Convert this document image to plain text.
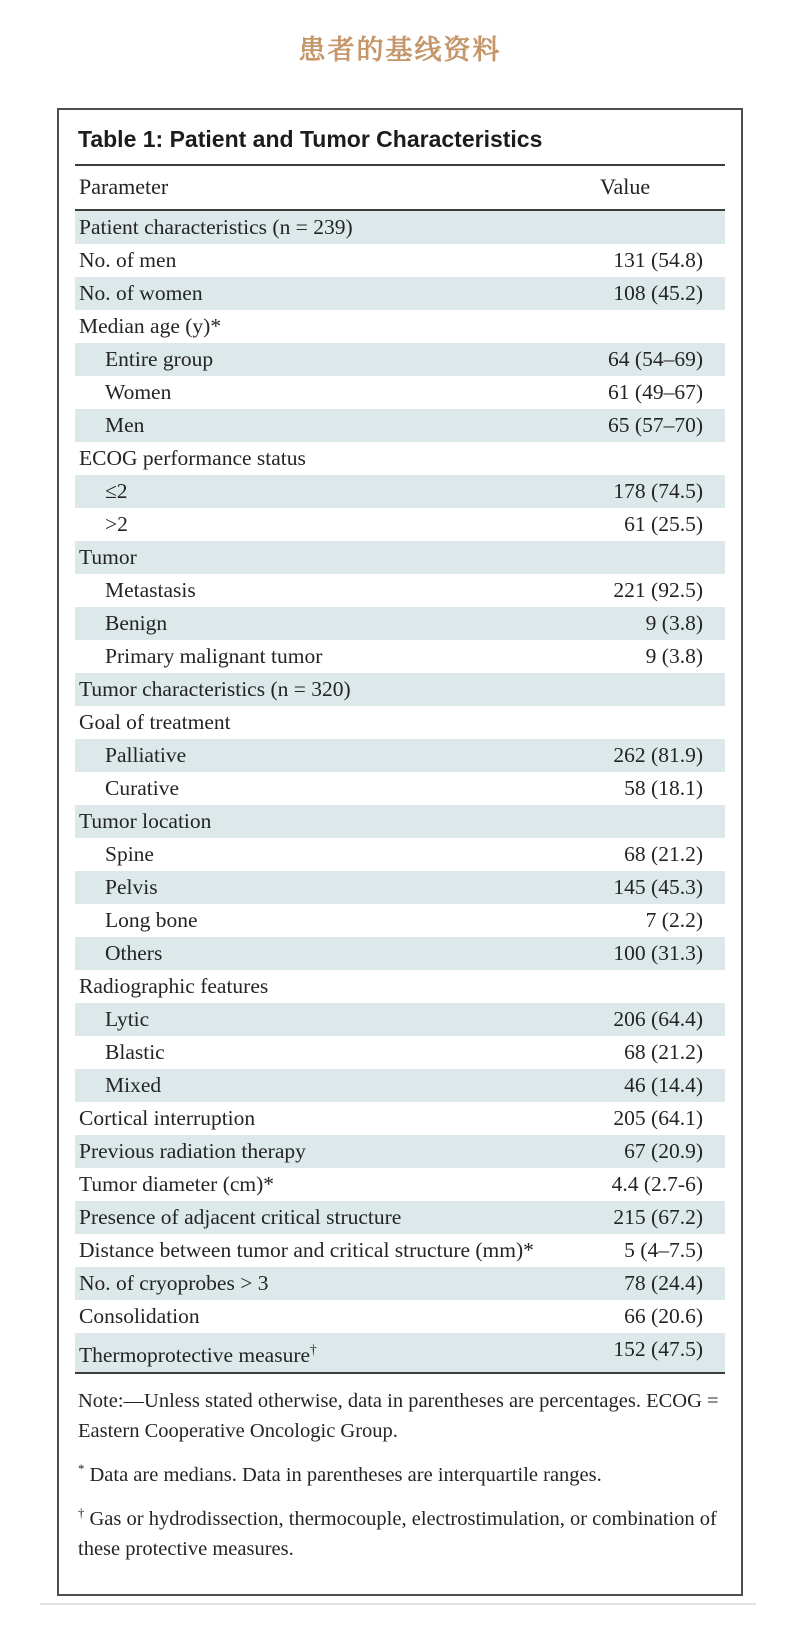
患者的基线资料
Table 1: Patient and Tumor Characteristics
Parameter	Value
Patient characteristics (n = 239)
No. of men	131 (54.8)
No. of women	108 (45.2)
Median age (y)*
Entire group	64 (54–69)
Women	61 (49–67)
Men	65 (57–70)
ECOG performance status
≤2	178 (74.5)
>2	61 (25.5)
Tumor
Metastasis	221 (92.5)
Benign	9 (3.8)
Primary malignant tumor	9 (3.8)
Tumor characteristics (n = 320)
Goal of treatment
Palliative	262 (81.9)
Curative	58 (18.1)
Tumor location
Spine	68 (21.2)
Pelvis	145 (45.3)
Long bone	7 (2.2)
Others	100 (31.3)
Radiographic features
Lytic	206 (64.4)
Blastic	68 (21.2)
Mixed	46 (14.4)
Cortical interruption	205 (64.1)
Previous radiation therapy	67 (20.9)
Tumor diameter (cm)*	4.4 (2.7-6)
Presence of adjacent critical structure	215 (67.2)
Distance between tumor and critical structure (mm)*	5 (4–7.5)
No. of cryoprobes > 3	78 (24.4)
Consolidation	66 (20.6)
Thermoprotective measure†	152 (47.5)
Note:—Unless stated otherwise, data in parentheses are percentages. ECOG = Eastern Cooperative Oncologic Group.
* Data are medians. Data in parentheses are interquartile ranges.
† Gas or hydrodissection, thermocouple, electrostimulation, or combination of these protective measures.
